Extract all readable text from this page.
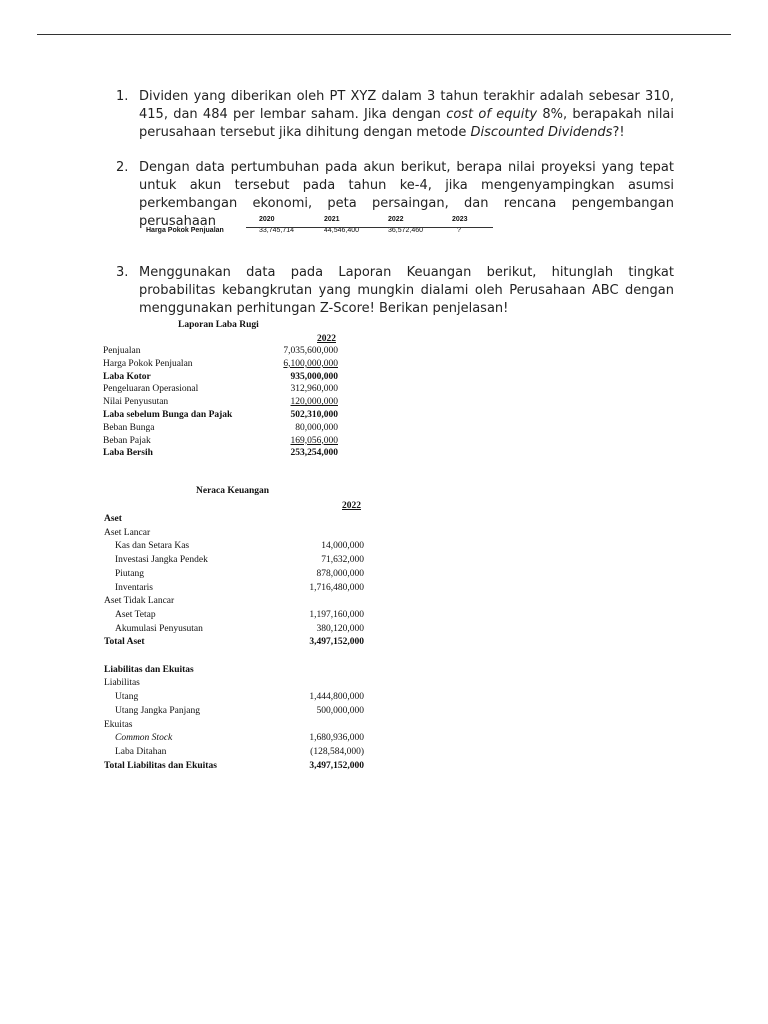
1. Dividen yang diberikan oleh PT XYZ dalam 3 tahun terakhir adalah sebesar 310, 415, dan 484 per lembar saham. Jika dengan cost of equity 8%, berapakah nilai perusahaan tersebut jika dihitung dengan metode Discounted Dividends?!
2. Dengan data pertumbuhan pada akun berikut, berapa nilai proyeksi yang tepat untuk akun tersebut pada tahun ke-4, jika mengenyampingkan asumsi perkembangan ekonomi, peta persaingan, dan rencana pengembangan perusahaan	2020	2021	2022	2023
Harga Pokok Penjualan	33,745,714	44,546,400	36,572,460	?
3. Menggunakan data pada Laporan Keuangan berikut, hitunglah tingkat probabilitas kebangkrutan yang mungkin dialami oleh Perusahaan ABC dengan menggunakan perhitungan Z-Score! Berikan penjelasan!
Laporan Laba Rugi
2022
Penjualan	7,035,600,000
Harga Pokok Penjualan	6,100,000,000
Laba Kotor	935,000,000
Pengeluaran Operasional	312,960,000
Nilai Penyusutan	120,000,000
Laba sebelum Bunga dan Pajak	502,310,000
Beban Bunga	80,000,000
Beban Pajak	169,056,000
Laba Bersih	253,254,000
Neraca Keuangan
2022
Aset
Aset Lancar
Kas dan Setara Kas	14,000,000
Investasi Jangka Pendek	71,632,000
Piutang	878,000,000
Inventaris	1,716,480,000
Aset Tidak Lancar
Aset Tetap	1,197,160,000
Akumulasi Penyusutan	380,120,000
Total Aset	3,497,152,000
Liabilitas dan Ekuitas
Liabilitas
Utang	1,444,800,000
Utang Jangka Panjang	500,000,000
Ekuitas
Common Stock	1,680,936,000
Laba Ditahan	(128,584,000)
Total Liabilitas dan Ekuitas	3,497,152,000
